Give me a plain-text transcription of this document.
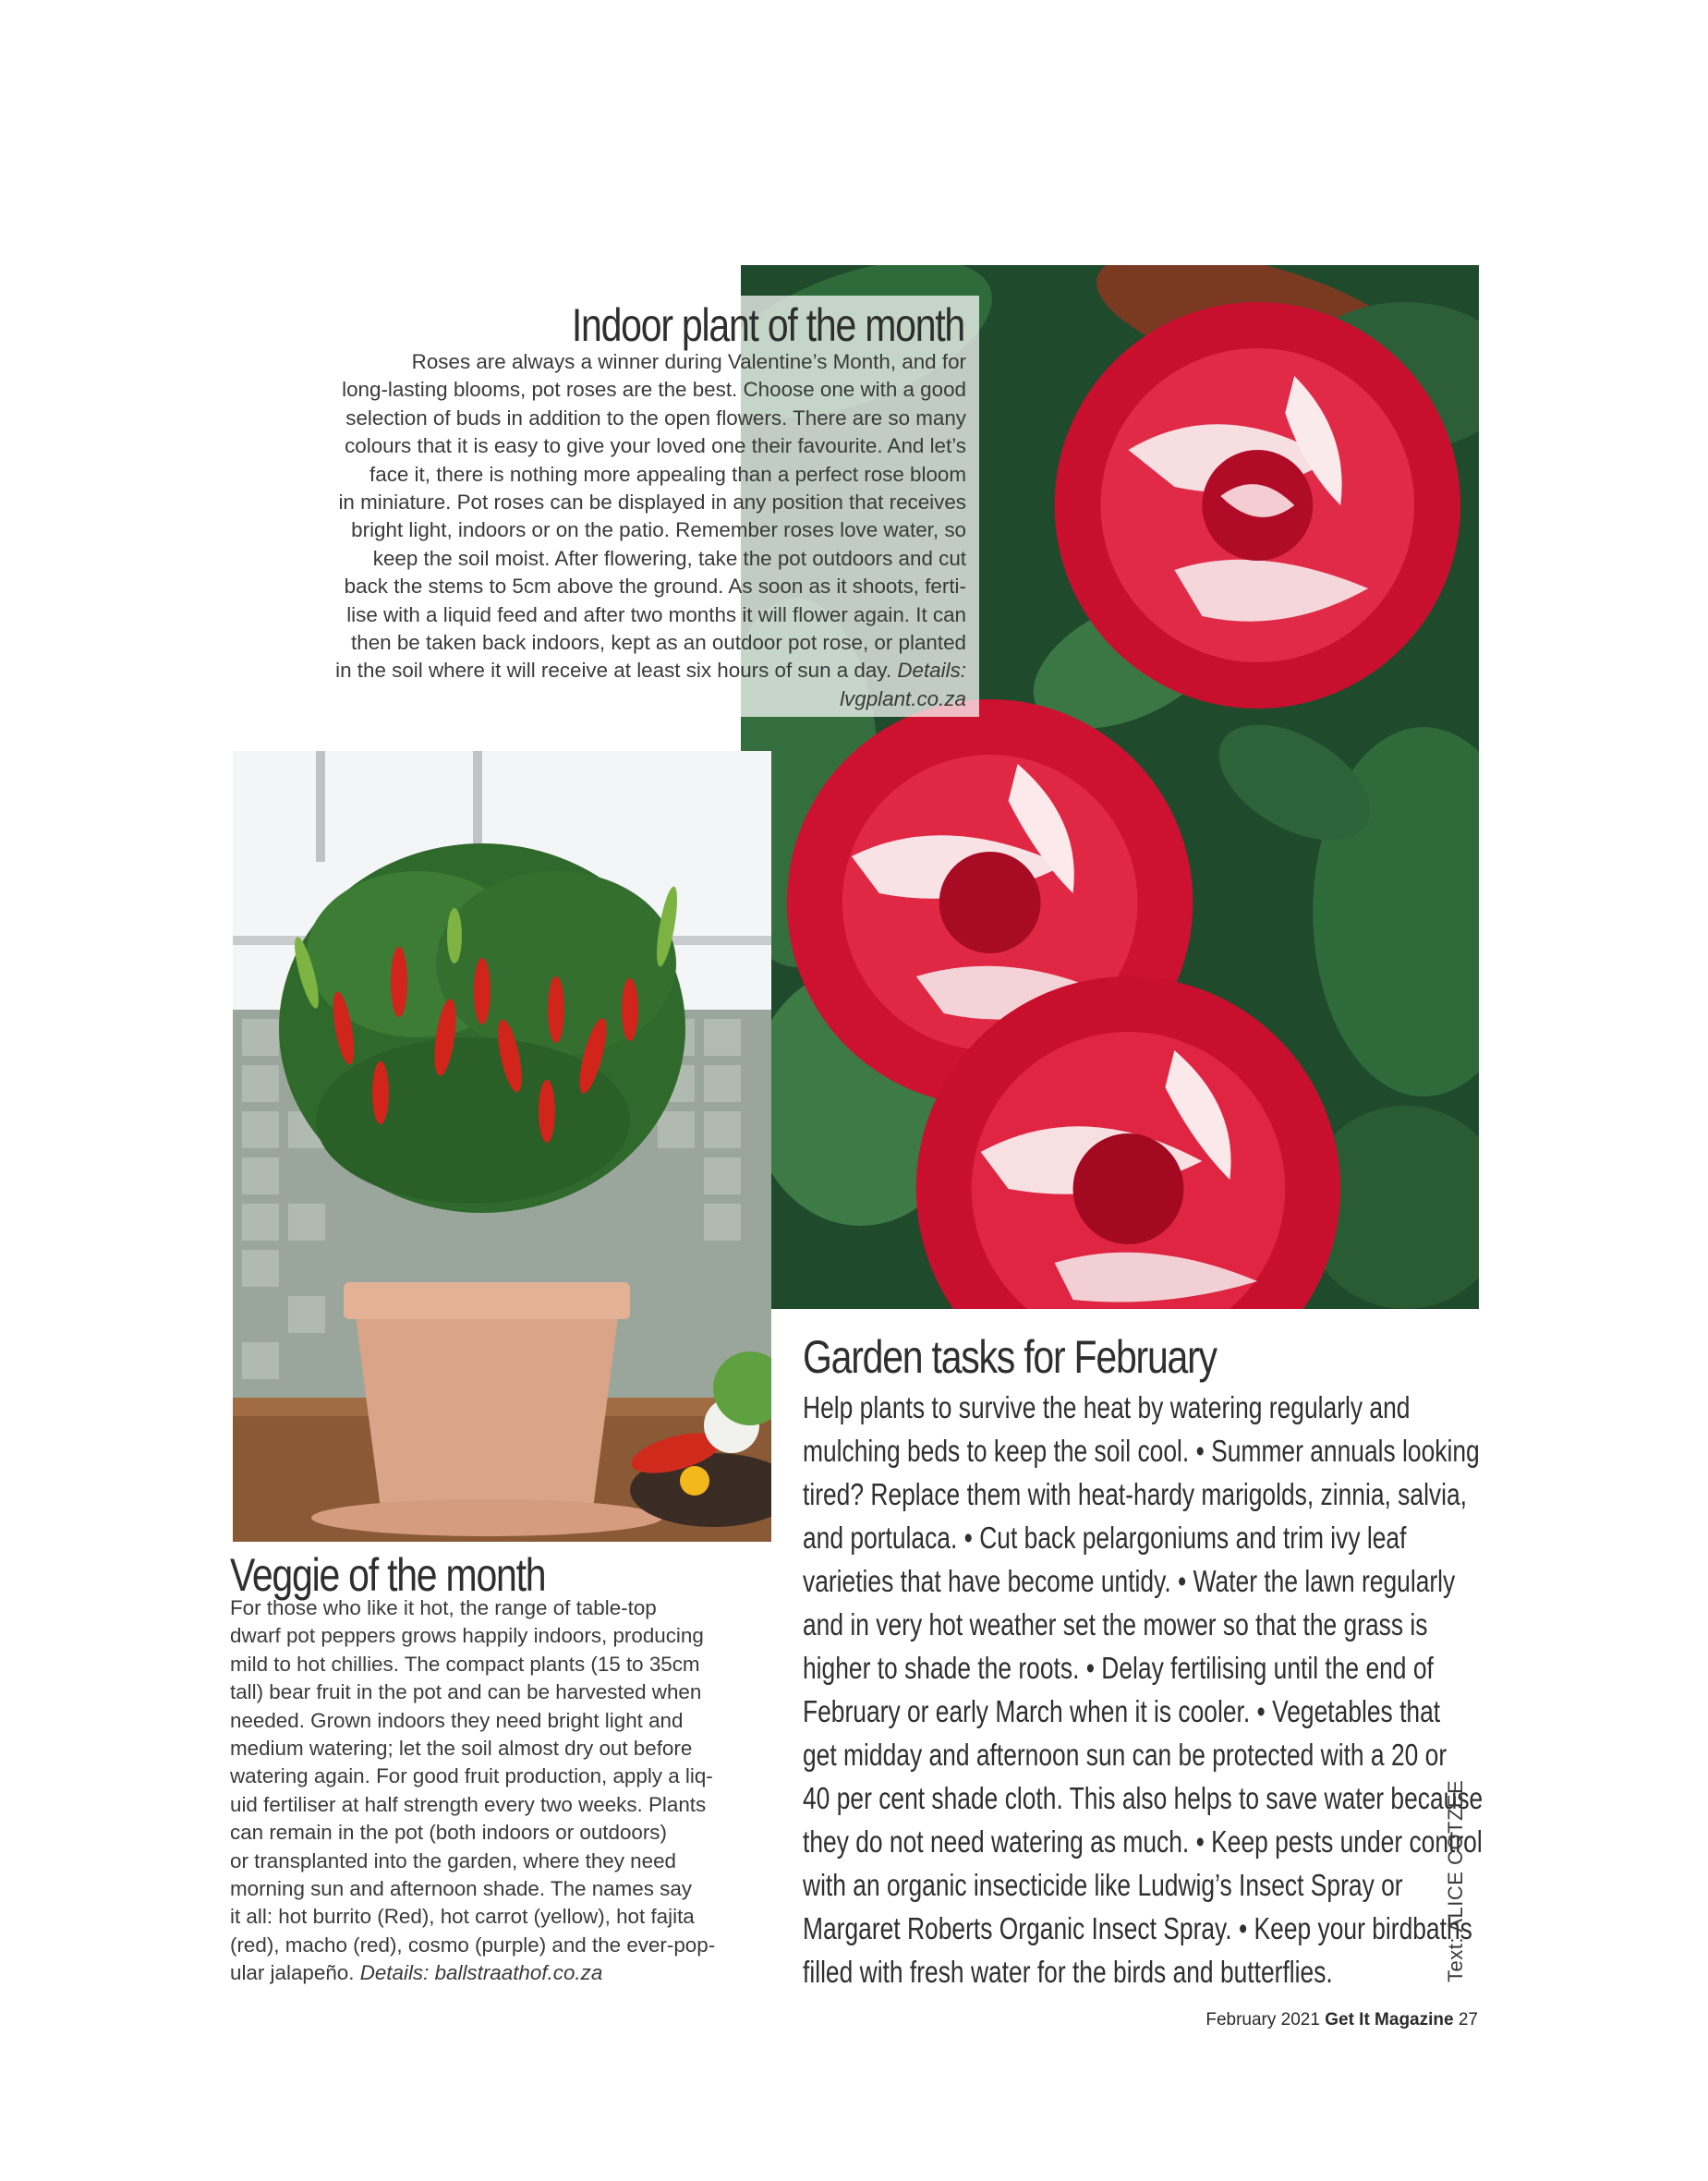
Indoor plant of the month

Roses are always a winner during Valentine’s Month, and for
long-lasting blooms, pot roses are the best. Choose one with a good
selection of buds in addition to the open flowers. There are so many
colours that it is easy to give your loved one their favourite. And let’s
face it, there is nothing more appealing than a perfect rose bloom
in miniature. Pot roses can be displayed in any position that receives
bright light, indoors or on the patio. Remember roses love water, so
keep the soil moist. After flowering, take the pot outdoors and cut
back the stems to 5cm above the ground. As soon as it shoots, ferti-
lise with a liquid feed and after two months it will flower again. It can
then be taken back indoors, kept as an outdoor pot rose, or planted
in the soil where it will receive at least six hours of sun a day. Details:
lvgplant.co.za

Veggie of the month

For those who like it hot, the range of table-top
dwarf pot peppers grows happily indoors, producing
mild to hot chillies. The compact plants (15 to 35cm
tall) bear fruit in the pot and can be harvested when
needed. Grown indoors they need bright light and
medium watering; let the soil almost dry out before
watering again. For good fruit production, apply a liq-
uid fertiliser at half strength every two weeks. Plants
can remain in the pot (both indoors or outdoors)
or transplanted into the garden, where they need
morning sun and afternoon shade. The names say
it all: hot burrito (Red), hot carrot (yellow), hot fajita
(red), macho (red), cosmo (purple) and the ever-pop-
ular jalapeño. Details: ballstraathof.co.za

Garden tasks for February

Help plants to survive the heat by watering regularly and
mulching beds to keep the soil cool. • Summer annuals looking
tired? Replace them with heat-hardy marigolds, zinnia, salvia,
and portulaca. • Cut back pelargoniums and trim ivy leaf
varieties that have become untidy. • Water the lawn regularly
and in very hot weather set the mower so that the grass is
higher to shade the roots. • Delay fertilising until the end of
February or early March when it is cooler. • Vegetables that
get midday and afternoon sun can be protected with a 20 or
40 per cent shade cloth. This also helps to save water because
they do not need watering as much. • Keep pests under control
with an organic insecticide like Ludwig’s Insect Spray or
Margaret Roberts Organic Insect Spray. • Keep your birdbaths
filled with fresh water for the birds and butterflies.	Text: ALICE COTZEE
February 2021 Get It Magazine 27
